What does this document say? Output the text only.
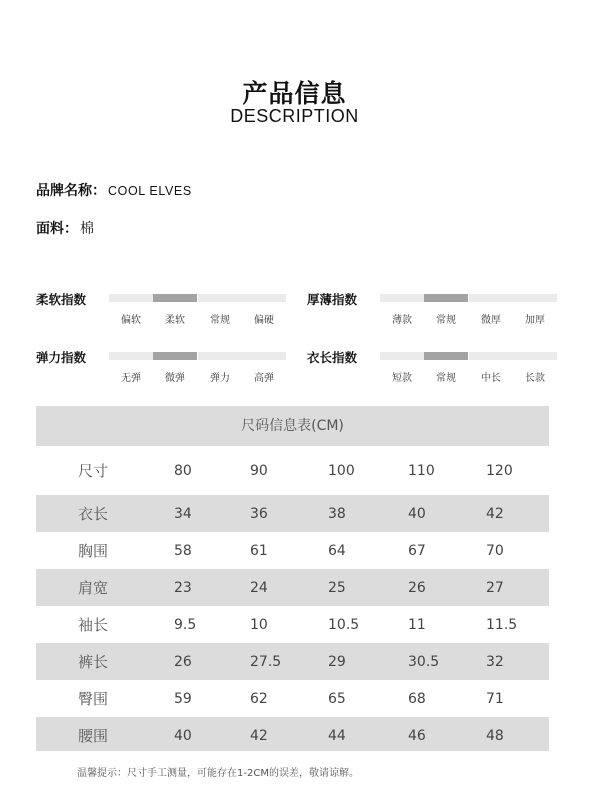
产品信息
DESCRIPTION
品牌名称： COOL ELVES
面料： 棉
柔软指数
偏软	柔软	常规	偏硬
厚薄指数
薄款	常规	微厚	加厚
弹力指数
无弹	微弹	弹力	高弹
衣长指数
短款	常规	中长	长款
尺码信息表(CM)
尺寸	80	90	100	110	120
衣长	34	36	38	40	42
胸围	58	61	64	67	70
肩宽	23	24	25	26	27
袖长	9.5	10	10.5	11	11.5
裤长	26	27.5	29	30.5	32
臀围	59	62	65	68	71
腰围	40	42	44	46	48
温馨提示：尺寸手工测量，可能存在1-2CM的误差，敬请谅解。
